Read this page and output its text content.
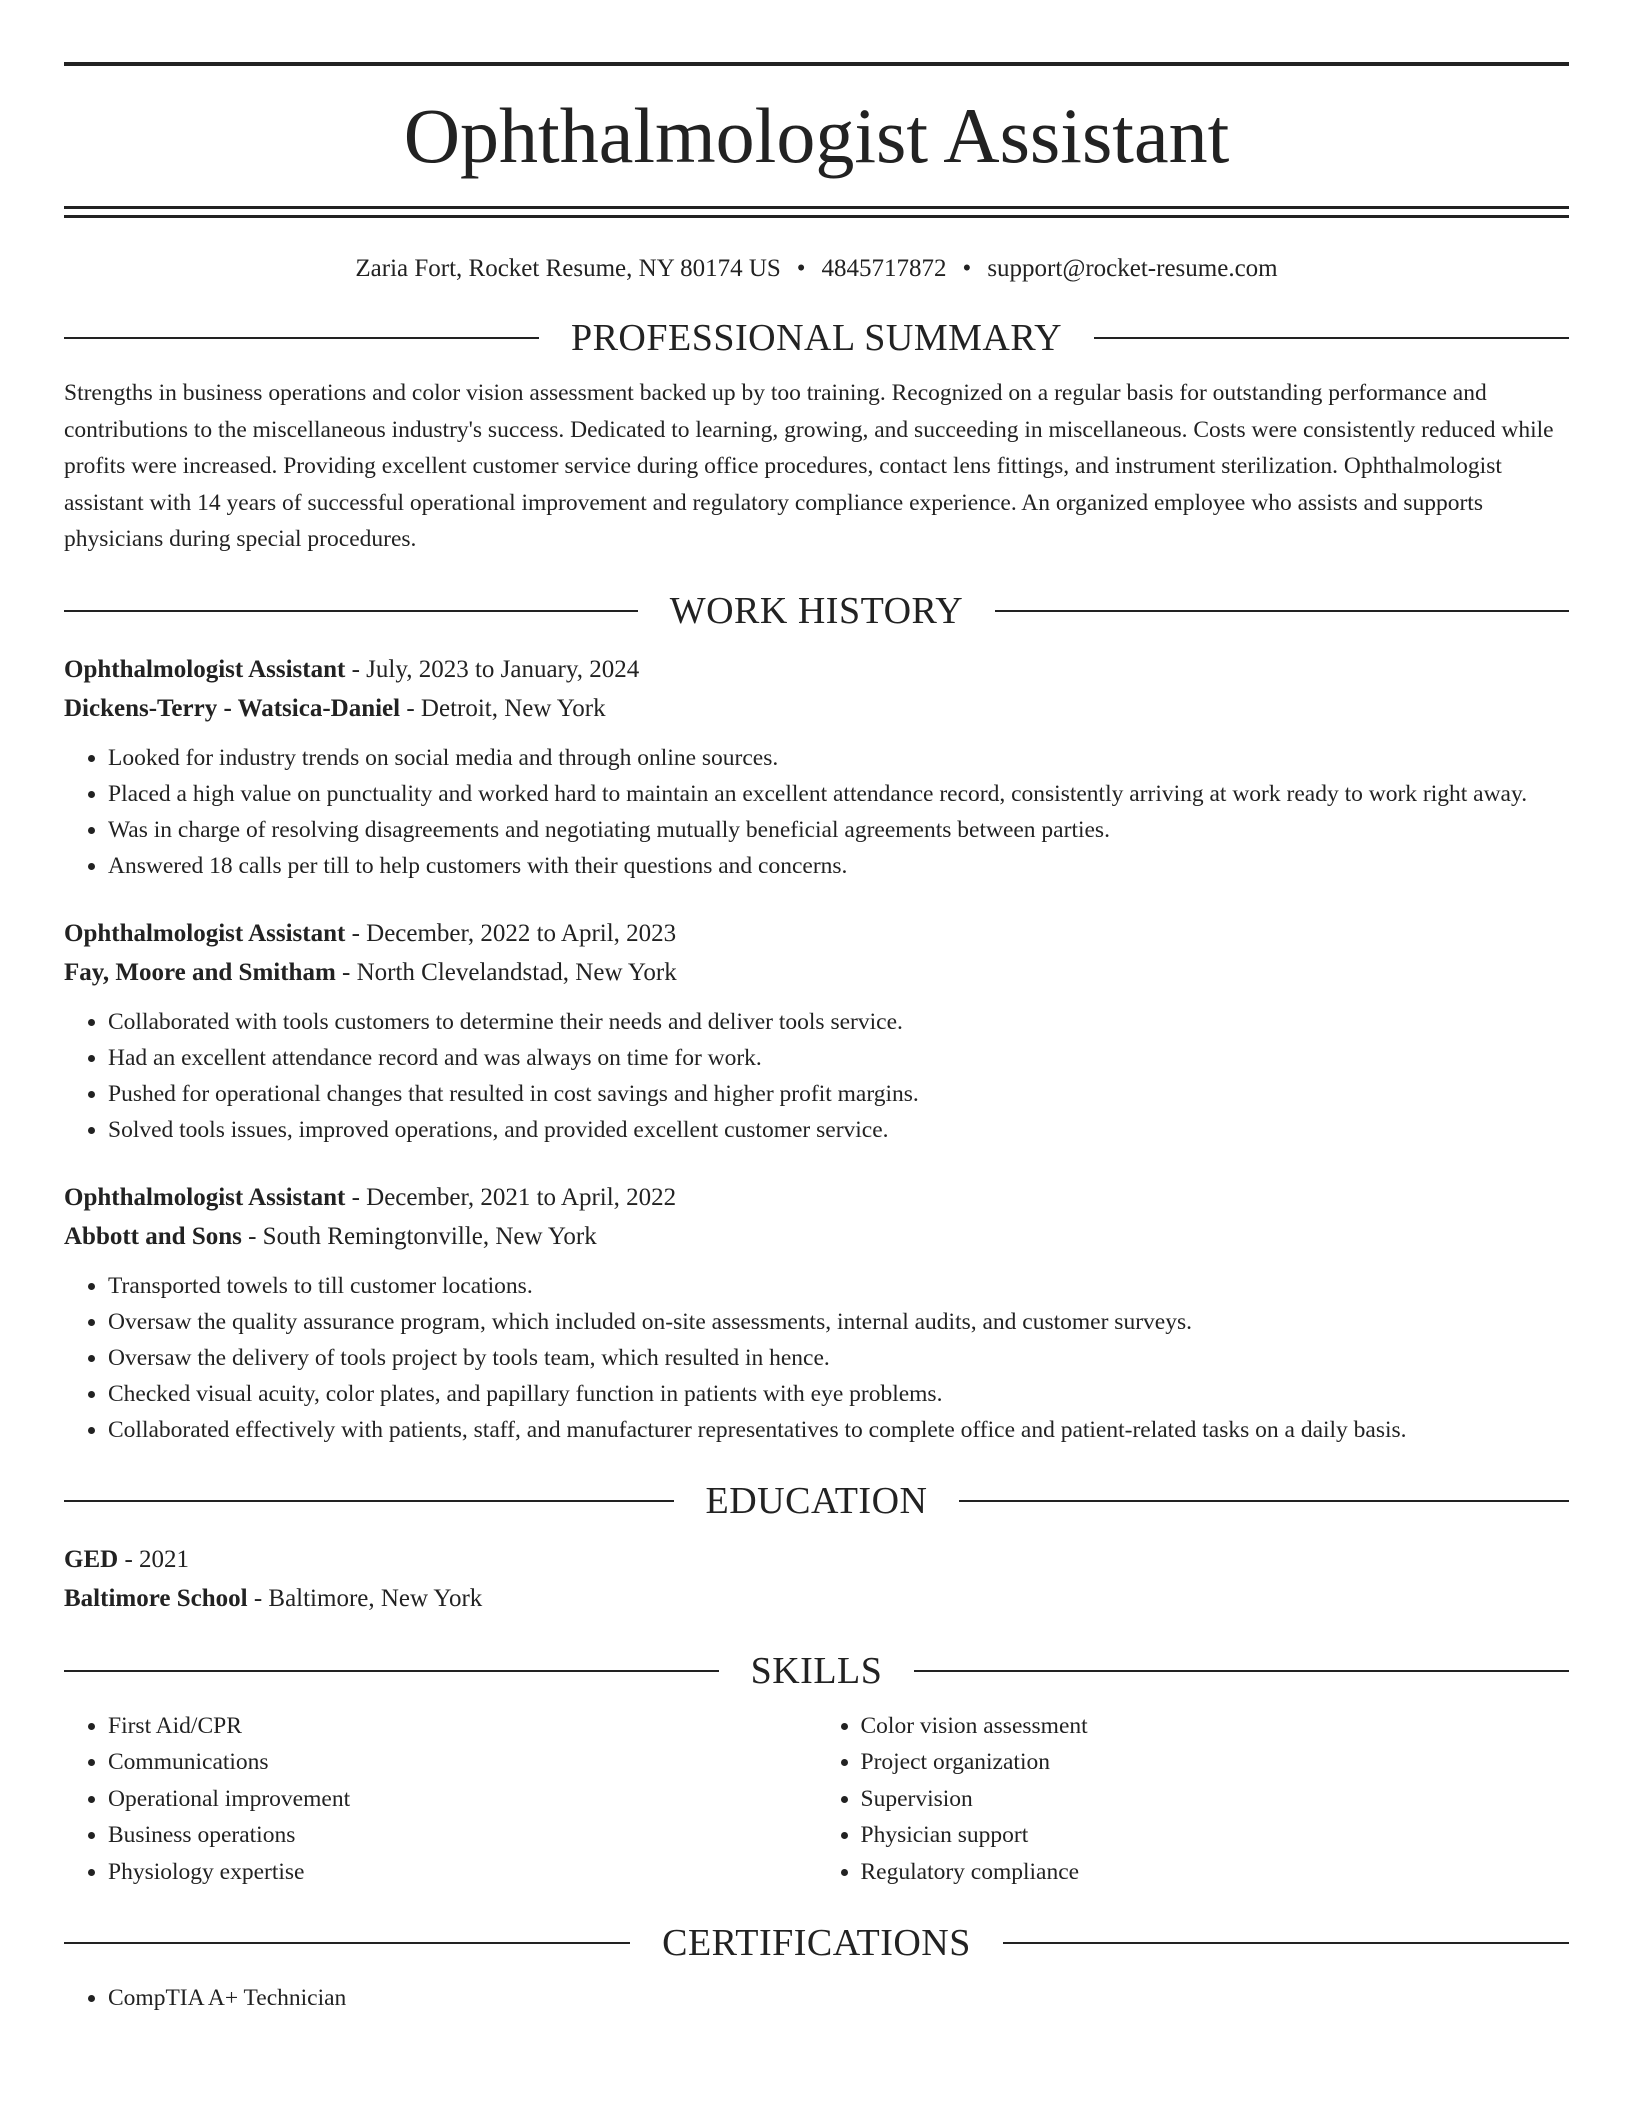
Ophthalmologist Assistant
Zaria Fort, Rocket Resume, NY 80174 US • 4845717872 • support@rocket-resume.com
PROFESSIONAL SUMMARY

Strengths in business operations and color vision assessment backed up by too training. Recognized on a regular basis for outstanding performance and contributions to the miscellaneous industry's success. Dedicated to learning, growing, and succeeding in miscellaneous. Costs were consistently reduced while profits were increased. Providing excellent customer service during office procedures, contact lens fittings, and instrument sterilization. Ophthalmologist assistant with 14 years of successful operational improvement and regulatory compliance experience. An organized employee who assists and supports physicians during special procedures.

WORK HISTORY
Ophthalmologist Assistant - July, 2023 to January, 2024
Dickens-Terry - Watsica-Daniel - Detroit, New York
• Looked for industry trends on social media and through online sources.
• Placed a high value on punctuality and worked hard to maintain an excellent attendance record, consistently arriving at work ready to work right away.
• Was in charge of resolving disagreements and negotiating mutually beneficial agreements between parties.
• Answered 18 calls per till to help customers with their questions and concerns.
Ophthalmologist Assistant - December, 2022 to April, 2023
Fay, Moore and Smitham - North Clevelandstad, New York
• Collaborated with tools customers to determine their needs and deliver tools service.
• Had an excellent attendance record and was always on time for work.
• Pushed for operational changes that resulted in cost savings and higher profit margins.
• Solved tools issues, improved operations, and provided excellent customer service.
Ophthalmologist Assistant - December, 2021 to April, 2022
Abbott and Sons - South Remingtonville, New York
• Transported towels to till customer locations.
• Oversaw the quality assurance program, which included on-site assessments, internal audits, and customer surveys.
• Oversaw the delivery of tools project by tools team, which resulted in hence.
• Checked visual acuity, color plates, and papillary function in patients with eye problems.
• Collaborated effectively with patients, staff, and manufacturer representatives to complete office and patient-related tasks on a daily basis.
EDUCATION
GED - 2021
Baltimore School - Baltimore, New York
SKILLS
• First Aid/CPR
• Communications
• Operational improvement
• Business operations
• Physiology expertise
• Color vision assessment
• Project organization
• Supervision
• Physician support
• Regulatory compliance
CERTIFICATIONS
• CompTIA A+ Technician
